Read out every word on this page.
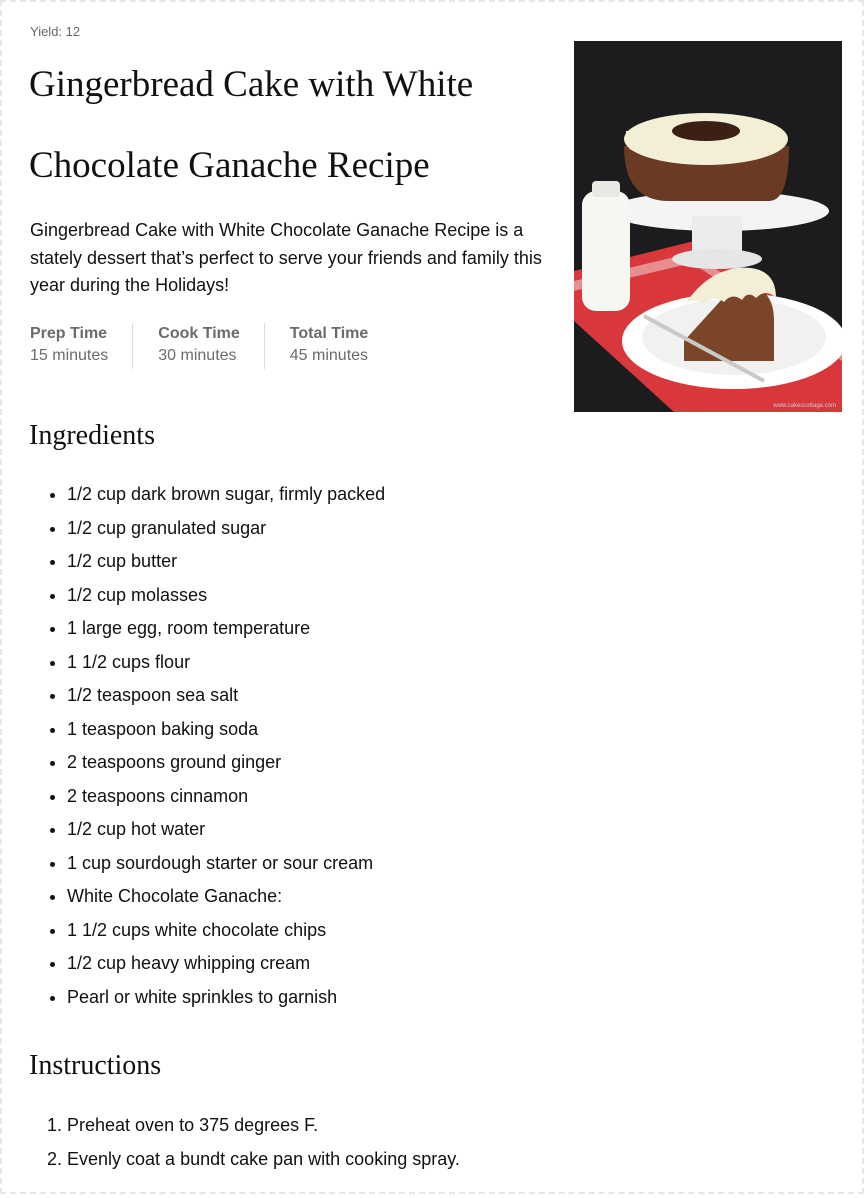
Yield: 12
Gingerbread Cake with White Chocolate Ganache Recipe

Gingerbread Cake with White Chocolate Ganache Recipe is a stately dessert that’s perfect to serve your friends and family this year during the Holidays!

Prep Time
15 minutes
Cook Time
30 minutes
Total Time
45 minutes
www.cakescottage.com
Ingredients
• 1/2 cup dark brown sugar, firmly packed
• 1/2 cup granulated sugar
• 1/2 cup butter
• 1/2 cup molasses
• 1 large egg, room temperature
• 1 1/2 cups flour
• 1/2 teaspoon sea salt
• 1 teaspoon baking soda
• 2 teaspoons ground ginger
• 2 teaspoons cinnamon
• 1/2 cup hot water
• 1 cup sourdough starter or sour cream
• White Chocolate Ganache:
• 1 1/2 cups white chocolate chips
• 1/2 cup heavy whipping cream
• Pearl or white sprinkles to garnish
Instructions
1. Preheat oven to 375 degrees F.
2. Evenly coat a bundt cake pan with cooking spray.
